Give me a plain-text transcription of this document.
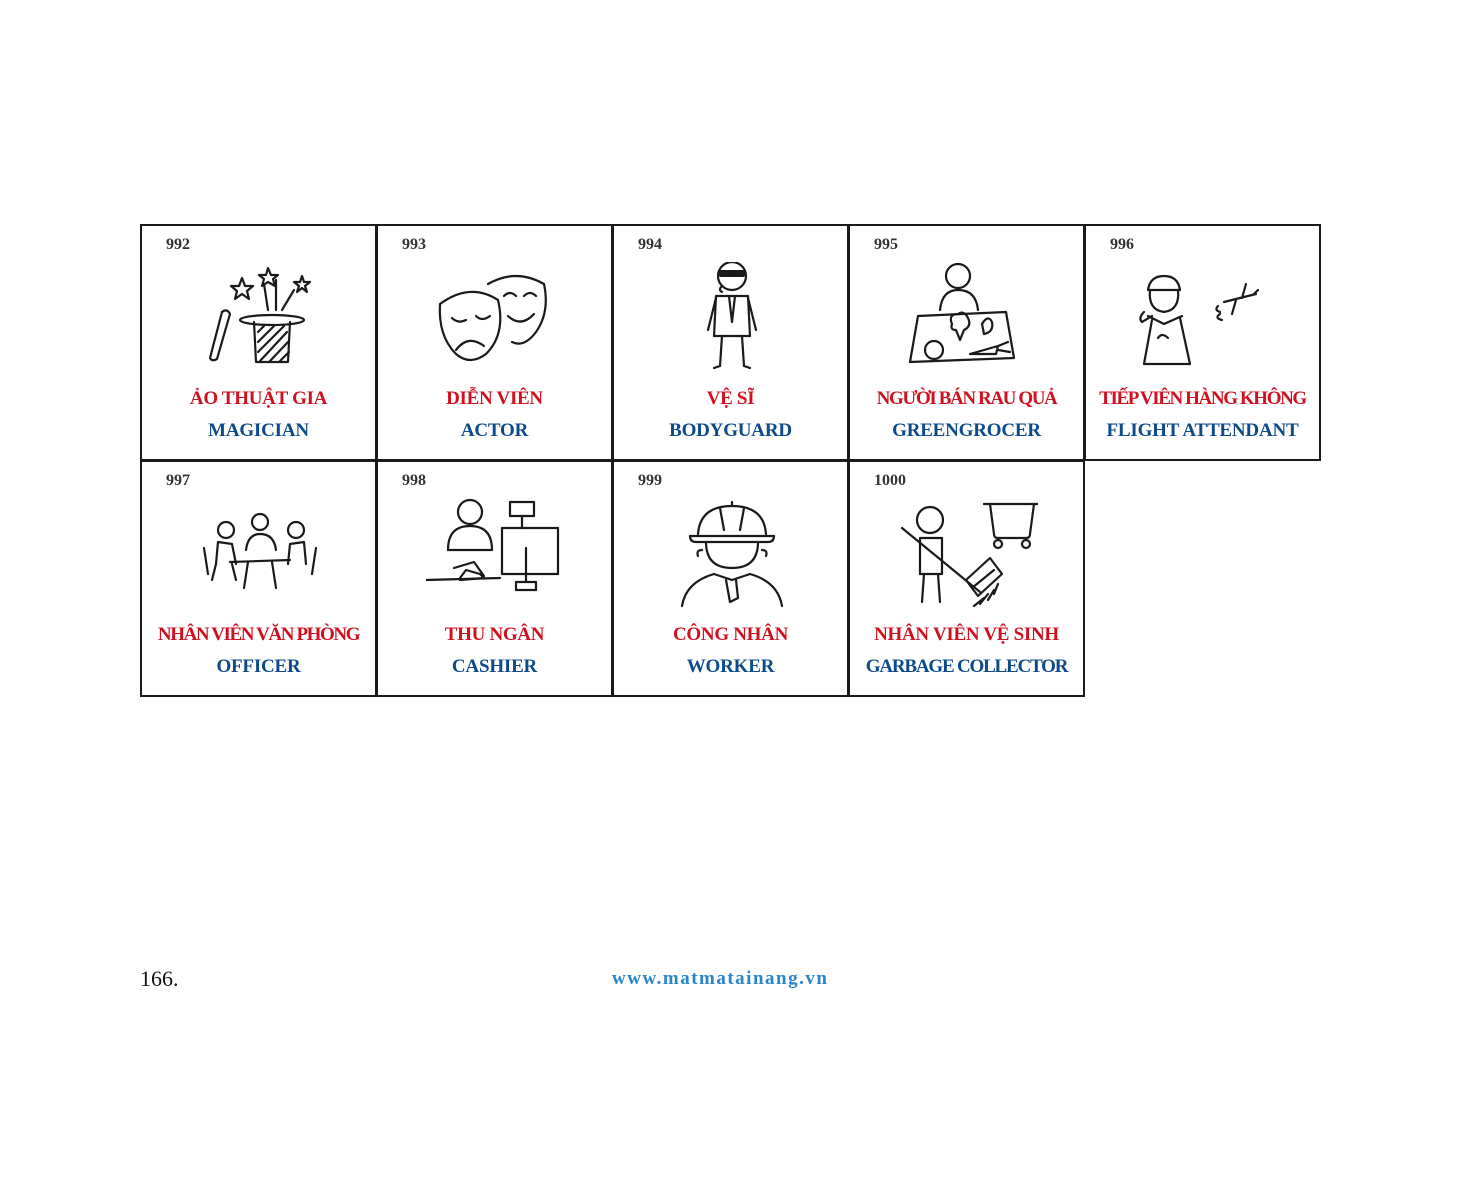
992
ẢO THUẬT GIA
MAGICIAN
993
DIỄN VIÊN
ACTOR
994
VỆ SĨ
BODYGUARD
995
NGƯỜI BÁN RAU QUẢ
GREENGROCER
996
TIẾP VIÊN HÀNG KHÔNG
FLIGHT ATTENDANT
997
NHÂN VIÊN VĂN PHÒNG
OFFICER
998
THU NGÂN
CASHIER
999
CÔNG NHÂN
WORKER
1000
NHÂN VIÊN VỆ SINH
GARBAGE COLLECTOR
166.	www.matmatainang.vn
